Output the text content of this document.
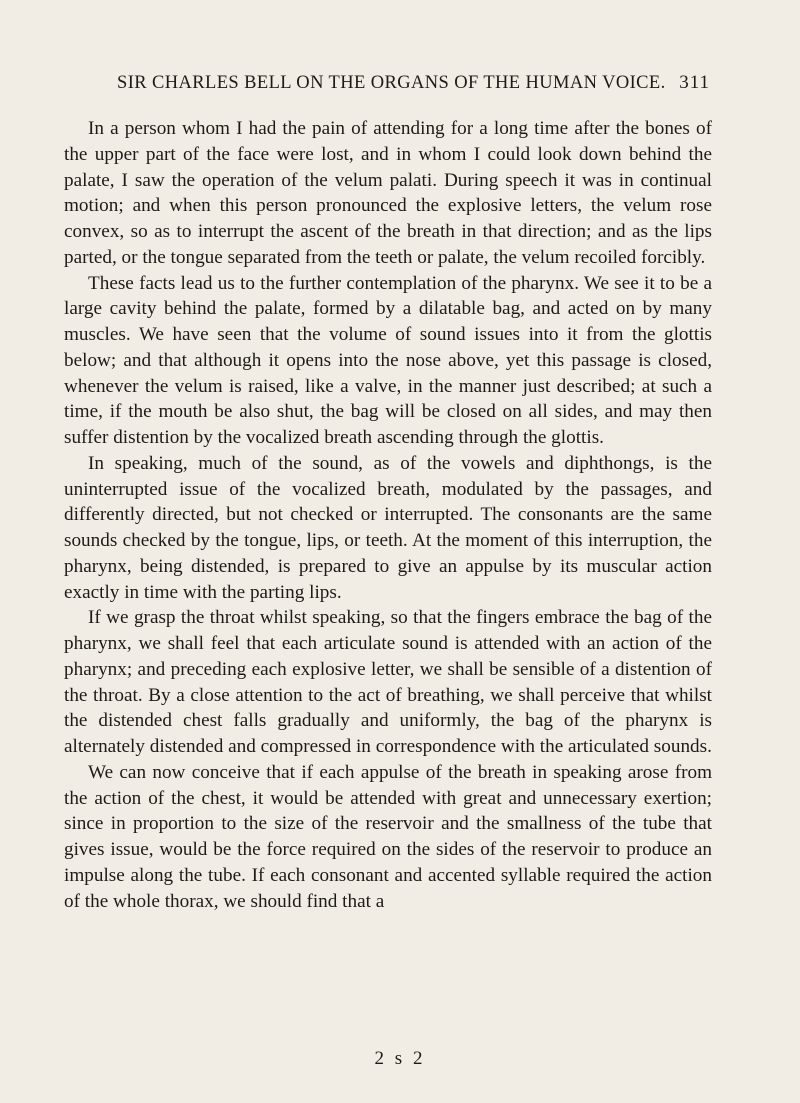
SIR CHARLES BELL ON THE ORGANS OF THE HUMAN VOICE. 311

In a person whom I had the pain of attending for a long time after the bones of the upper part of the face were lost, and in whom I could look down behind the palate, I saw the operation of the velum palati. During speech it was in continual motion; and when this person pronounced the explosive letters, the velum rose convex, so as to interrupt the ascent of the breath in that direction; and as the lips parted, or the tongue separated from the teeth or palate, the velum recoiled forcibly.

These facts lead us to the further contemplation of the pharynx. We see it to be a large cavity behind the palate, formed by a dilatable bag, and acted on by many muscles. We have seen that the volume of sound issues into it from the glottis below; and that although it opens into the nose above, yet this passage is closed, whenever the velum is raised, like a valve, in the manner just described; at such a time, if the mouth be also shut, the bag will be closed on all sides, and may then suffer distention by the vocalized breath ascending through the glottis.

In speaking, much of the sound, as of the vowels and diphthongs, is the uninterrupted issue of the vocalized breath, modulated by the passages, and differently directed, but not checked or interrupted. The consonants are the same sounds checked by the tongue, lips, or teeth. At the moment of this interruption, the pharynx, being distended, is prepared to give an appulse by its muscular action exactly in time with the parting lips.

If we grasp the throat whilst speaking, so that the fingers embrace the bag of the pharynx, we shall feel that each articulate sound is attended with an action of the pharynx; and preceding each explosive letter, we shall be sensible of a distention of the throat. By a close attention to the act of breathing, we shall perceive that whilst the distended chest falls gradually and uniformly, the bag of the pharynx is alternately distended and compressed in correspondence with the articulated sounds.

We can now conceive that if each appulse of the breath in speaking arose from the action of the chest, it would be attended with great and unnecessary exertion; since in proportion to the size of the reservoir and the smallness of the tube that gives issue, would be the force required on the sides of the reservoir to produce an impulse along the tube. If each consonant and accented syllable required the action of the whole thorax, we should find that a

2 s 2
